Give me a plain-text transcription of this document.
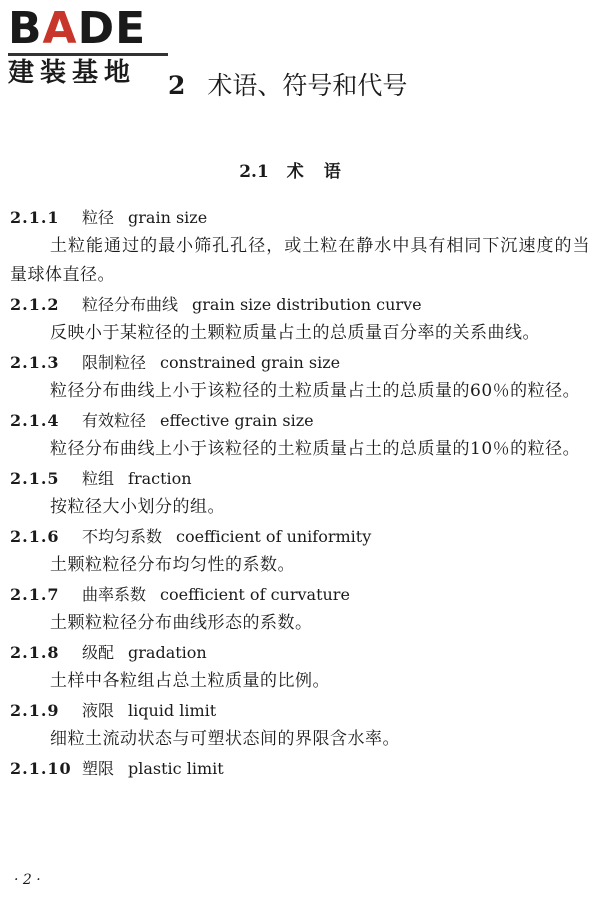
BADE
建装基地	2 术语、符号和代号
2.1 术语
2.1.1 粒径 grain size
土粒能通过的最小筛孔孔径，或土粒在静水中具有相同下沉速度的当量球体直径。
2.1.2 粒径分布曲线 grain size distribution curve
反映小于某粒径的土颗粒质量占土的总质量百分率的关系曲线。
2.1.3 限制粒径 constrained grain size
粒径分布曲线上小于该粒径的土粒质量占土的总质量的60％的粒径。
2.1.4 有效粒径 effective grain size
粒径分布曲线上小于该粒径的土粒质量占土的总质量的10％的粒径。
2.1.5 粒组 fraction
按粒径大小划分的组。
2.1.6 不均匀系数 coefficient of uniformity
土颗粒粒径分布均匀性的系数。
2.1.7 曲率系数 coefficient of curvature
土颗粒粒径分布曲线形态的系数。
2.1.8 级配 gradation
土样中各粒组占总土粒质量的比例。
2.1.9 液限 liquid limit
细粒土流动状态与可塑状态间的界限含水率。
2.1.10 塑限 plastic limit
· 2 ·
